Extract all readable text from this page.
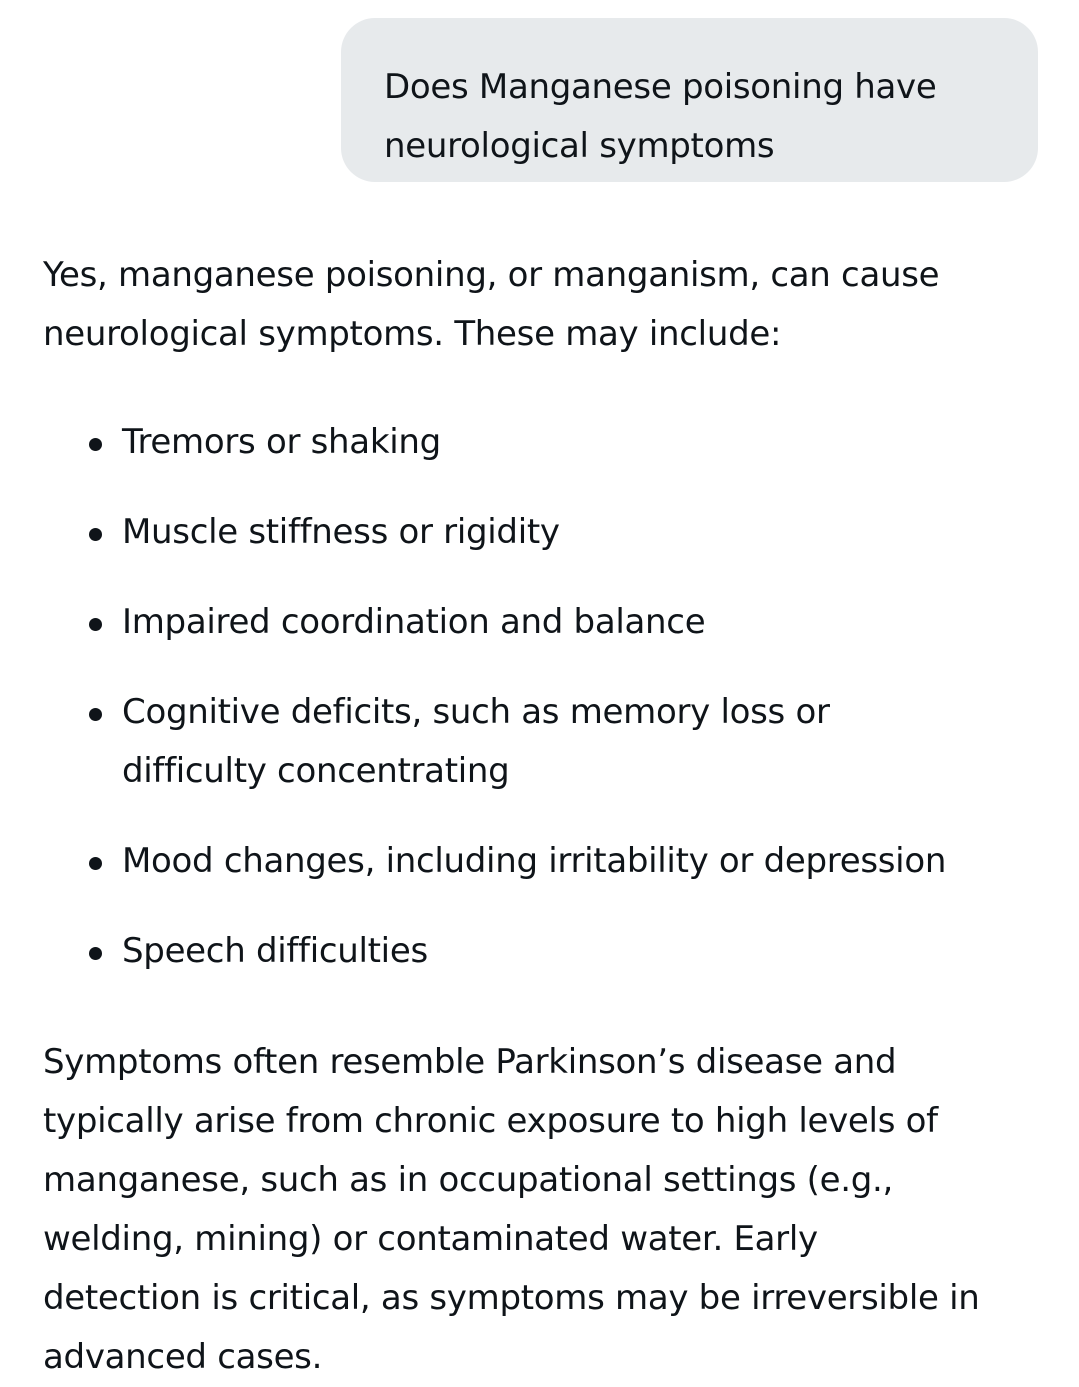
Does Manganese poisoning have
neurological symptoms

Yes, manganese poisoning, or manganism, can cause
neurological symptoms. These may include:

Tremors or shaking
Muscle stiffness or rigidity
Impaired coordination and balance
Cognitive deficits, such as memory loss or
difficulty concentrating
Mood changes, including irritability or depression
Speech difficulties
Symptoms often resemble Parkinson’s disease and
typically arise from chronic exposure to high levels of
manganese, such as in occupational settings (e.g.,
welding, mining) or contaminated water. Early
detection is critical, as symptoms may be irreversible in
advanced cases.
